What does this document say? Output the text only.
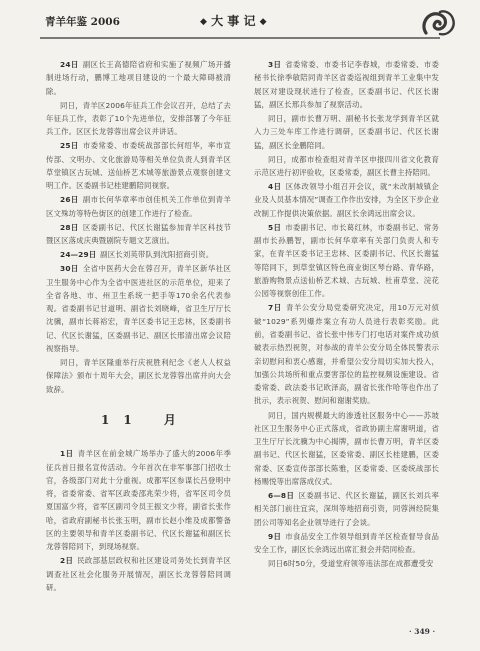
青羊年鉴 2006	◆ 大 事 记 ◆

24日  副区长王高德陪省府和实施了视频广场开播制进场行动，鹏博工地项目建设的一个最大障碍被清除。

同日，青羊区2006年征兵工作会议召开，总结了去年征兵工作，表彰了10个先进单位，安排部署了今年征兵工作。区区长龙蓉蓉出席会议并讲话。

25日  市委常委、市委统战部部长何绍华，率市宣传部、文明办、文化旅游局等相关单位负责人到青羊区草堂镇区古玩城、送仙桥艺术城等旅游景点观察创建文明工作。区委副书记桂建鹏陪同视察。

26日  副市长何华章率市创佳机关工作单位到青羊区文殊坊等特色街区的创建工作进行了检查。

28日  区委副书记、代区长谢猛参加青羊区科技节暨区区落成庆典暨剧院专题文艺演出。

24—29日  副区长刘英带队到沈阳招商引资。

30日  全省中医药大会在蓉召开，青羊区新华社区卫生服务中心作为全省中医进社区的示范单位，迎来了全省各地、市、州卫生系统一把手等170余名代表参观。省委副书记甘道明、副省长刘晓峰，省卫生厅厅长沈骥，副市长蒋裕宏，青羊区委书记王忠林，区委副书记、代区长谢猛，区委副书记、副区长邢清出席会议陪视察指导。

同日，青羊区隆重举行庆祝胜利纪念《老人人权益保障法》颁布十周年大会，副区长龙蓉蓉出席并向大会致辞。

11 月

1日  青羊区在前金城广场举办了盛大的2006年季征兵首日报名宣传活动。今年首次在非军事部门招收士官，各级部门对此十分重视。成都军区参谋长吕登明中将，省委常委、省军区政委邵兆荣少将，省军区司令员夏国富少将，省军区副司令员王振文少将，副省长张作哈，省政府副秘书长张玉明，副市长赵小维及成都警备区的主要领导和青羊区委副书记、代区长谢猛和副区长龙蓉蓉陪同下，到现场视察。

2日  民政部基层政权和社区建设司务处长到青羊区调查社区社会化服务开展情况，副区长龙蓉蓉陪同调研。

3日  省委常委、市委书记李春城，市委常委、市委秘书长徐季敏陪同青羊区省委巡视组到青羊工业集中发展区对建设现状进行了检查，区委副书记、代区长谢猛，副区长邢兵参加了视察活动。

同日，副市长曹万明、副秘书长张龙学到青羊区就入力三处车库工作进行调研，区委副书记、代区长谢猛，副区长金鹏陪同。

同日，成都市检查组对青羊区申报四川省文化教育示范区进行初评验收，区委常委，副区长曹主持陪同。

4日  区体改领导小组召开会议，就“未改制城镇企业及人员基本情况”调查工作作出安排，为全区下步企业改制工作提供决策依据。副区长余鸿远出席会议。

5日  市委副书记、市长葛红林，市委副书记、常务副市长孙鹏智，副市长何华章率有关部门负责人和专家，在青羊区委书记王忠林、区委副书记、代区长谢猛等陪同下，到草堂镇区特色商业街区琴台路、青华路，旅游购物景点送仙桥艺术城、古玩城、杜甫草堂、浣花公园等视察创佳工作。

7日  青羊公安分局党委研究决定，用10万元对侦破“1029”系列爆炸案立有功人员进行表彰奖励。此前，省委副书记、省长张中伟专门打电话对案件成功侦破表示热烈祝贺，对参战的青羊公安分局全体民警表示亲切慰问和衷心感谢，并希望公安分局切实加大投入，加强公共场所和重点要害部位的监控视频设施建设。省委常委、政法委书记欧泽高，副省长张作哈等也作出了批示，表示祝贺、慰问和谢谢奖励。

同日，国内规模最大的渗透社区服务中心——苏坡社区卫生服务中心正式落成，省政协副主席谢明道，省卫生厅厅长沈骥为中心揭牌，副市长曹万明，青羊区委副书记、代区长谢猛，区委常委、副区长桂建鹏，区委常委、区委宣传部部长陈雅，区委常委、区委统战部长杨赐悦等出席落成仪式。

6—8日  区委副书记、代区长谢猛，副区长刘兵率相关部门前往宜宾，深圳等地招商引资，同蓉洲经院集团公司等知名企业领导进行了会谈。

9日  市食品安全工作领导组到青羊区检查督导食品安全工作，副区长余鸿远出席汇报会并陪同检查。

同日6时50分，受道堂府领等违法部在成都遭受安

· 349 ·
